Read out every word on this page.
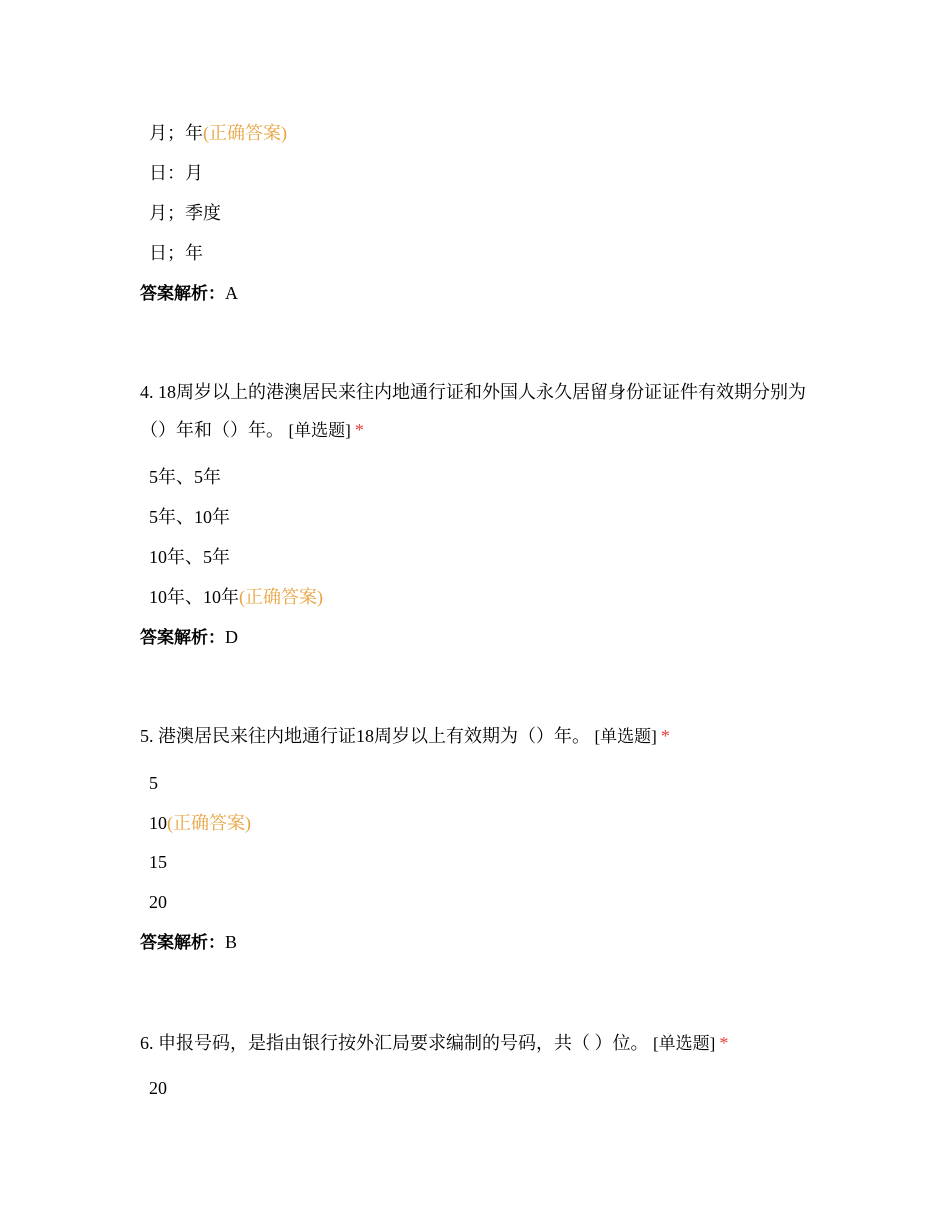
月；年(正确答案)
日：月
月；季度
日；年
答案解析：A
4. 18周岁以上的港澳居民来往内地通行证和外国人永久居留身份证证件有效期分别为（）年和（）年。 [单选题] *
5年、5年
5年、10年
10年、5年
10年、10年(正确答案)
答案解析：D
5. 港澳居民来往内地通行证18周岁以上有效期为（）年。 [单选题] *
5
10(正确答案)
15
20
答案解析：B
6. 申报号码，是指由银行按外汇局要求编制的号码，共（ ）位。 [单选题] *
20
